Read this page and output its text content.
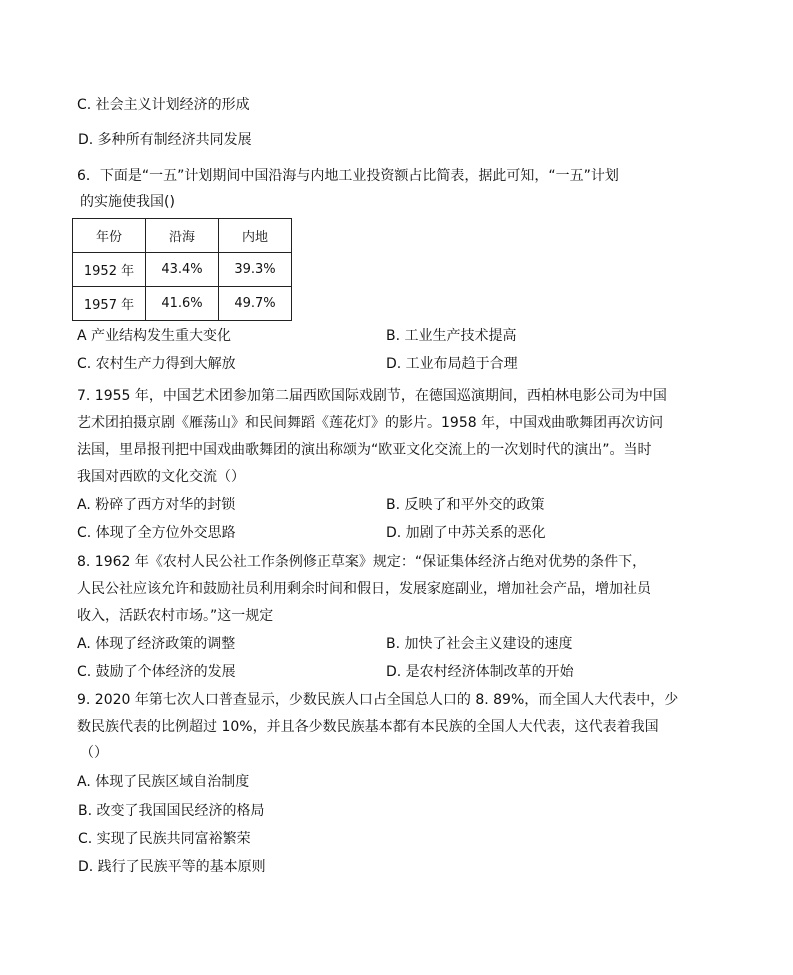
C. 社会主义计划经济的形成
D. 多种所有制经济共同发展
6．下面是“一五”计划期间中国沿海与内地工业投资额占比简表，据此可知，“一五”计划
的实施使我国()
年份	沿海	内地
1952 年	43.4%	39.3%
1957 年	41.6%	49.7%
A 产业结构发生重大变化	B. 工业生产技术提高
C. 农村生产力得到大解放	D. 工业布局趋于合理
7. 1955 年，中国艺术团参加第二届西欧国际戏剧节，在德国巡演期间，西柏林电影公司为中国
艺术团拍摄京剧《雁荡山》和民间舞蹈《莲花灯》的影片。1958 年，中国戏曲歌舞团再次访问
法国，里昂报刊把中国戏曲歌舞团的演出称颂为“欧亚文化交流上的一次划时代的演出”。当时
我国对西欧的文化交流（）
A. 粉碎了西方对华的封锁	B. 反映了和平外交的政策
C. 体现了全方位外交思路	D. 加剧了中苏关系的恶化
8. 1962 年《农村人民公社工作条例修正草案》规定：“保证集体经济占绝对优势的条件下，
人民公社应该允许和鼓励社员利用剩余时间和假日，发展家庭副业，增加社会产品，增加社员
收入，活跃农村市场。”这一规定
A. 体现了经济政策的调整	B. 加快了社会主义建设的速度
C. 鼓励了个体经济的发展	D. 是农村经济体制改革的开始
9. 2020 年第七次人口普查显示，少数民族人口占全国总人口的 8. 89%，而全国人大代表中，少
数民族代表的比例超过 10%，并且各少数民族基本都有本民族的全国人大代表，这代表着我国
（）
A. 体现了民族区域自治制度
B. 改变了我国国民经济的格局
C. 实现了民族共同富裕繁荣
D. 践行了民族平等的基本原则
